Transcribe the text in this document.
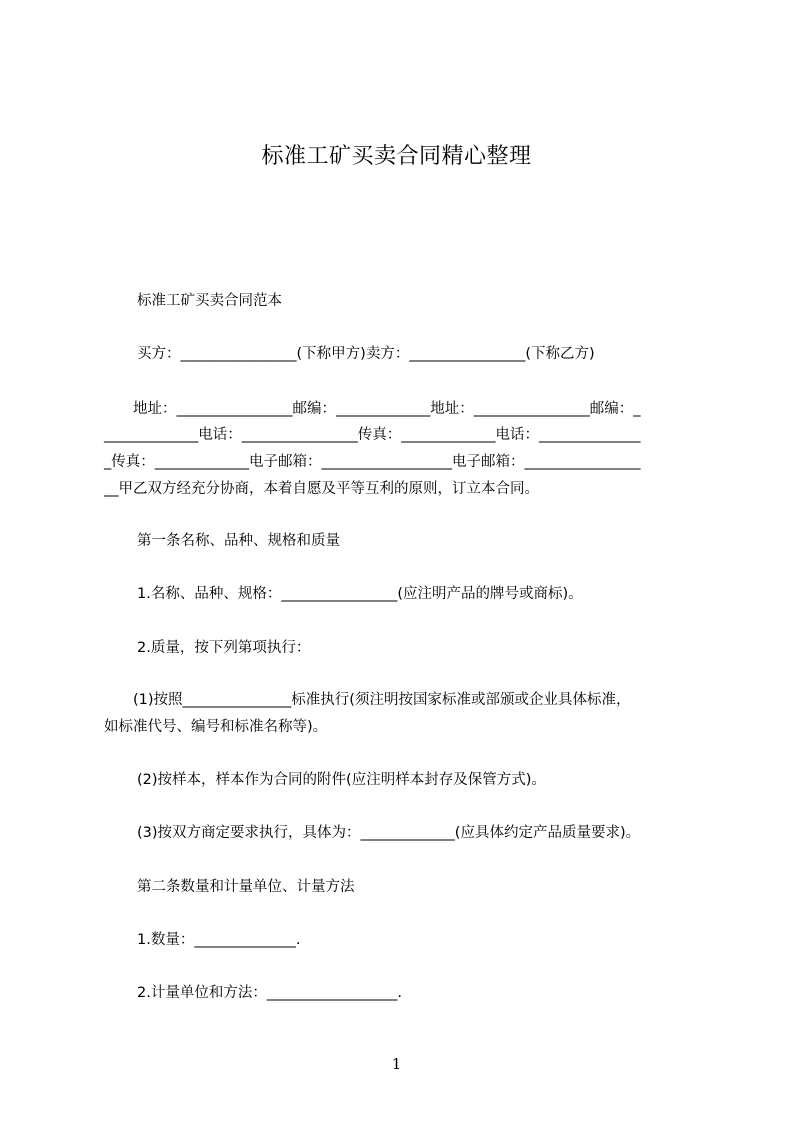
标准工矿买卖合同精心整理
标准工矿买卖合同范本
买方：________________(下称甲方)卖方：________________(下称乙方)
地址：________________邮编：_____________地址：________________邮编：_
_____________电话：________________传真：_____________电话：______________
_传真：_____________电子邮箱：__________________电子邮箱：________________
__甲乙双方经充分协商，本着自愿及平等互利的原则，订立本合同。
第一条名称、品种、规格和质量
1.名称、品种、规格：________________(应注明产品的牌号或商标)。
2.质量，按下列第项执行：
(1)按照_______________标准执行(须注明按国家标准或部颁或企业具体标准，
如标准代号、编号和标准名称等)。
(2)按样本，样本作为合同的附件(应注明样本封存及保管方式)。
(3)按双方商定要求执行，具体为：_____________(应具体约定产品质量要求)。
第二条数量和计量单位、计量方法
1.数量：______________.
2.计量单位和方法：__________________.
1
